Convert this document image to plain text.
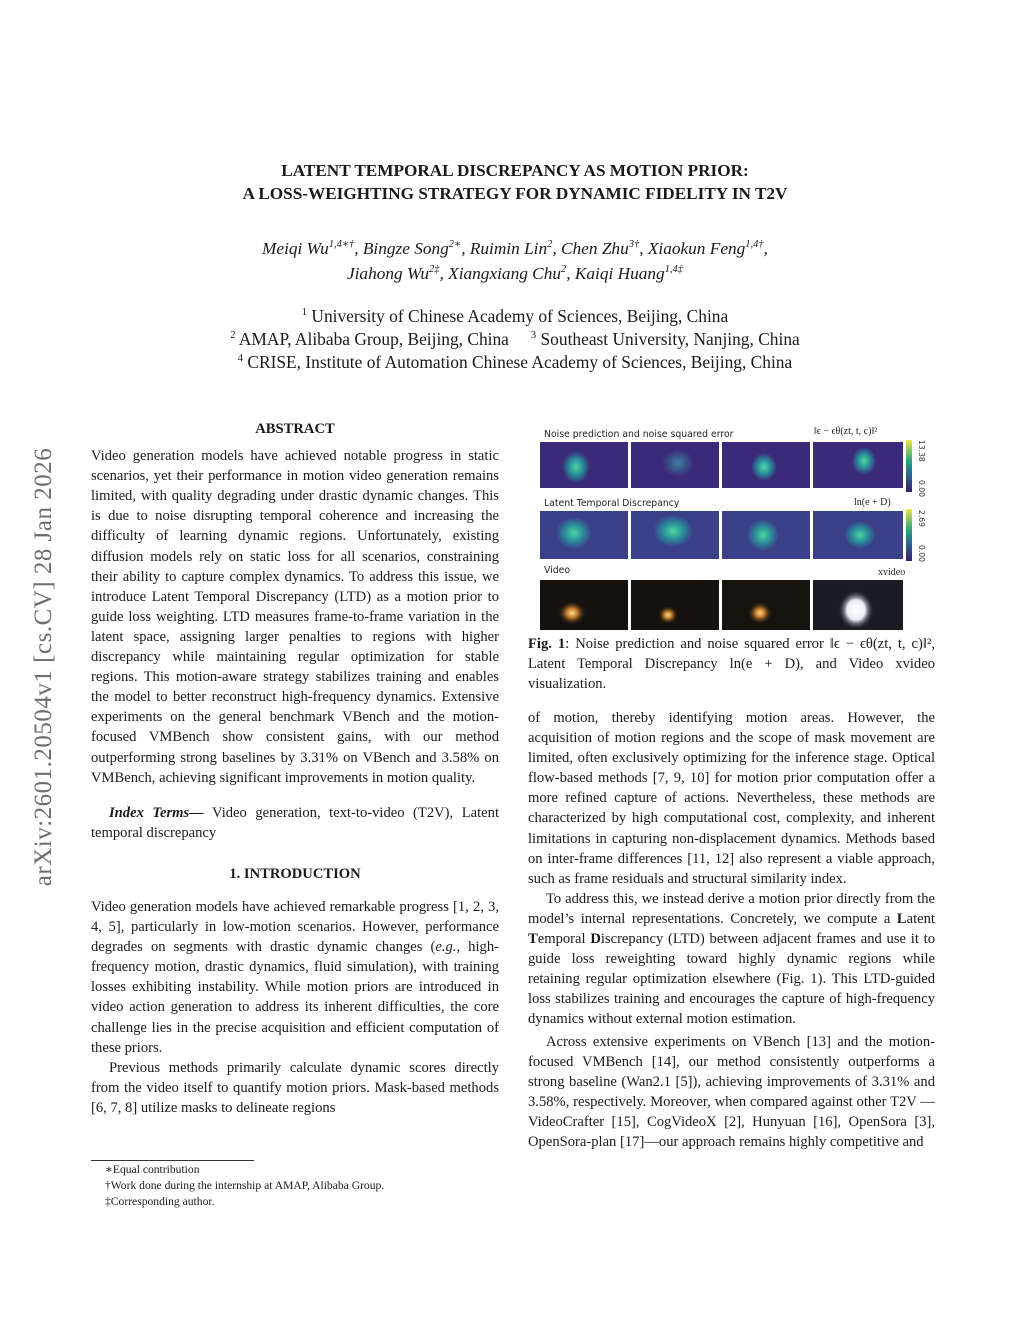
arXiv:2601.20504v1 [cs.CV] 28 Jan 2026
LATENT TEMPORAL DISCREPANCY AS MOTION PRIOR:
A LOSS-WEIGHTING STRATEGY FOR DYNAMIC FIDELITY IN T2V
Meiqi $Wu^{1,4∗\dagger}$, Bingze Song$^{2∗}$, Ruimin Lin$^2$, Chen Zhu$^{3\dagger}$, Xiaokun Feng$^{1,4\dagger}$,
Jiahong $Wu^{2\ddagger}$, Xiangxiang Chu$^2$, Kaiqi Huang$^{1,4\ddagger}$
$^1$ University of Chinese Academy of Sciences, Beijing, China
$^2$ AMAP, Alibaba Group, Beijing, China $^3$ Southeast University, Nanjing, China
$^4$ CRISE, Institute of Automation Chinese Academy of Sciences, Beijing, China
ABSTRACT

Video generation models have achieved notable progress in static scenarios, yet their performance in motion video generation remains limited, with quality degrading under drastic dynamic changes. This is due to noise disrupting temporal coherence and increasing the difficulty of learning dynamic regions. Unfortunately, existing diffusion models rely on static loss for all scenarios, constraining their ability to capture complex dynamics. To address this issue, we introduce Latent Temporal Discrepancy (LTD) as a motion prior to guide loss weighting. LTD measures frame-to-frame variation in the latent space, assigning larger penalties to regions with higher discrepancy while maintaining regular optimization for stable regions. This motion-aware strategy stabilizes training and enables the model to better reconstruct high-frequency dynamics. Extensive experiments on the general benchmark VBench and the motion-focused VMBench show consistent gains, with our method outperforming strong baselines by 3.31% on VBench and 3.58% on VMBench, achieving significant improvements in motion quality.

Index Terms— Video generation, text-to-video (T2V), Latent temporal discrepancy

1. INTRODUCTION

Video generation models have achieved remarkable progress [1, 2, 3, 4, 5], particularly in low-motion scenarios. However, performance degrades on segments with drastic dynamic changes (e.g., high-frequency motion, drastic dynamics, fluid simulation), with training losses exhibiting instability. While motion priors are introduced in video action generation to address its inherent difficulties, the core challenge lies in the precise acquisition and efficient computation of these priors.

Previous methods primarily calculate dynamic scores directly from the video itself to quantify motion priors. Mask-based methods [6, 7, 8] utilize masks to delineate regions

Noise prediction and noise squared error	‖ϵ − ϵθ(zt, t, c)‖²
13.38
0.00
Latent Temporal Discrepancy	ln(e + D)
2.69
0.00
Video	xvideo

Fig. 1: Noise prediction and noise squared error ‖ϵ − ϵθ(zt, t, c)‖², Latent Temporal Discrepancy ln(e + D), and Video xvideo visualization.

of motion, thereby identifying motion areas. However, the acquisition of motion regions and the scope of mask movement are limited, often exclusively optimizing for the inference stage. Optical flow-based methods [7, 9, 10] for motion prior computation offer a more refined capture of actions. Nevertheless, these methods are characterized by high computational cost, complexity, and inherent limitations in capturing non-displacement dynamics. Methods based on inter-frame differences [11, 12] also represent a viable approach, such as frame residuals and structural similarity index.

To address this, we instead derive a motion prior directly from the model’s internal representations. Concretely, we compute a Latent Temporal Discrepancy (LTD) between adjacent frames and use it to guide loss reweighting toward highly dynamic regions while retaining regular optimization elsewhere (Fig. 1). This LTD-guided loss stabilizes training and encourages the capture of high-frequency dynamics without external motion estimation.

Across extensive experiments on VBench [13] and the motion-focused VMBench [14], our method consistently outperforms a strong baseline (Wan2.1 [5]), achieving improvements of 3.31% and 3.58%, respectively. Moreover, when compared against other T2V —VideoCrafter [15], CogVideoX [2], Hunyuan [16], OpenSora [3], OpenSora-plan [17]—our approach remains highly competitive and

∗Equal contribution
†Work done during the internship at AMAP, Alibaba Group.
‡Corresponding author.
